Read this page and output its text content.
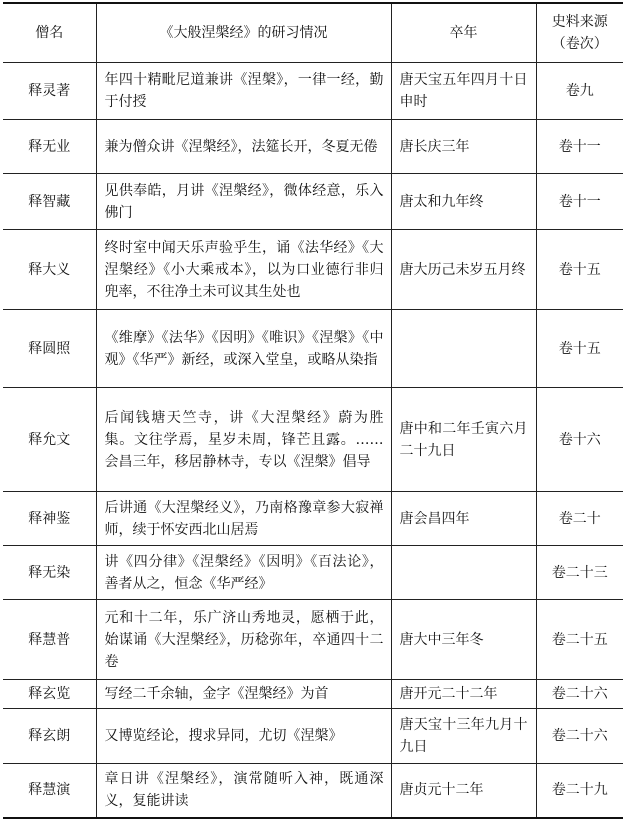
僧名	《大般涅槃经》的研习情况	卒年	史料来源
（卷次）

释灵著	年四十精毗尼道兼讲《涅槃》，一律一经，勤于付授	唐天宝五年四月十日申时	卷九
释无业	兼为僧众讲《涅槃经》，法筵长开，冬夏无倦	唐长庆三年	卷十一
释智藏	见供奉皓，月讲《涅槃经》，微体经意，乐入佛门	唐太和九年终	卷十一
释大义	终时室中闻天乐声验乎生，诵《法华经》《大涅槃经》《小大乘戒本》，以为口业德行非归兜率，不往净土未可议其生处也	唐大历己未岁五月终	卷十五
释圆照	《维摩》《法华》《因明》《唯识》《涅槃》《中观》《华严》新经，或深入堂皇，或略从染指		卷十五
释允文	后闻钱塘天竺寺，讲《大涅槃经》蔚为胜集。文往学焉，星岁未周，锋芒且露。……会昌三年，移居静林寺，专以《涅槃》倡导	唐中和二年壬寅六月二十九日	卷十六
释神鉴	后讲通《大涅槃经义》，乃南格豫章参大寂禅师，续于怀安西北山居焉	唐会昌四年	卷二十
释无染	讲《四分律》《涅槃经》《因明》《百法论》，善者从之，恒念《华严经》		卷二十三
释慧普	元和十二年，乐广济山秀地灵，愿栖于此，始谋诵《大涅槃经》，历稔弥年，卒通四十二卷	唐大中三年冬	卷二十五
释玄览	写经二千余轴，金字《涅槃经》为首	唐开元二十二年	卷二十六
释玄朗	又博览经论，搜求异同，尤切《涅槃》	唐天宝十三年九月十九日	卷二十六
释慧演	章日讲《涅槃经》，演常随听入神，既通深义，复能讲读	唐贞元十二年	卷二十九
